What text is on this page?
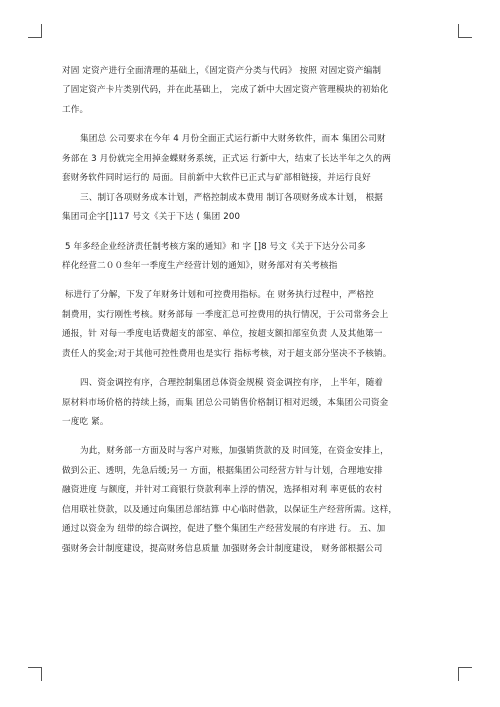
对固 定资产进行全面清理的基础上，《固定资产分类与代码》 按照 对固定资产编制
了固定资产卡片类别代码，并在此基础上， 完成了新中大固定资产管理模块的初始化
工作。
集团总 公司要求在今年 4 月份全面正式运行新中大财务软件，而本 集团公司财
务部在 3 月份就完全用掉金蝶财务系统，正式运 行新中大，结束了长达半年之久的两
套财务软件同时运行的 局面。目前新中大软件已正式与矿部相链接，并运行良好
三、制订各项财务成本计划，严格控制成本费用 制订各项财务成本计划， 根据
集团司企字[]117 号文《关于下达 ( 集团 200
5 年多经企业经济责任制考核方案的通知》和 字 []8 号文《关于下达分公司多
样化经营二００叁年一季度生产经营计划的通知》，财务部对有关考核指
标进行了分解，下发了年财务计划和可控费用指标。在 财务执行过程中，严格控
制费用，实行刚性考核。财务部每 一季度汇总可控费用的执行情况，于公司常务会上
通报，针 对每一季度电话费超支的部室、单位，按超支额扣部室负责 人及其他第一
责任人的奖金;对于其他可控性费用也是实行 指标考核，对于超支部分坚决不予核销。
四、资金调控有序，合理控制集团总体资金规模 资金调控有序， 上半年，随着
原材料市场价格的持续上扬，而集 团总公司销售价格制订相对迟缓，本集团公司资金
一度吃 紧。
为此，财务部一方面及时与客户对账，加强销货款的及 时回笼，在资金安排上，
做到公正、透明，先急后缓;另一 方面，根据集团公司经营方针与计划，合理地安排
融资进度 与额度，并针对工商银行贷款利率上浮的情况，选择相对利 率更低的农村
信用联社贷款，以及通过向集团总部结算 中心临时借款，以保证生产经营所需。这样，
通过以资金为 纽带的综合调控，促进了整个集团生产经营发展的有序进 行。 五、加
强财务会计制度建设，提高财务信息质量 加强财务会计制度建设， 财务部根据公司
